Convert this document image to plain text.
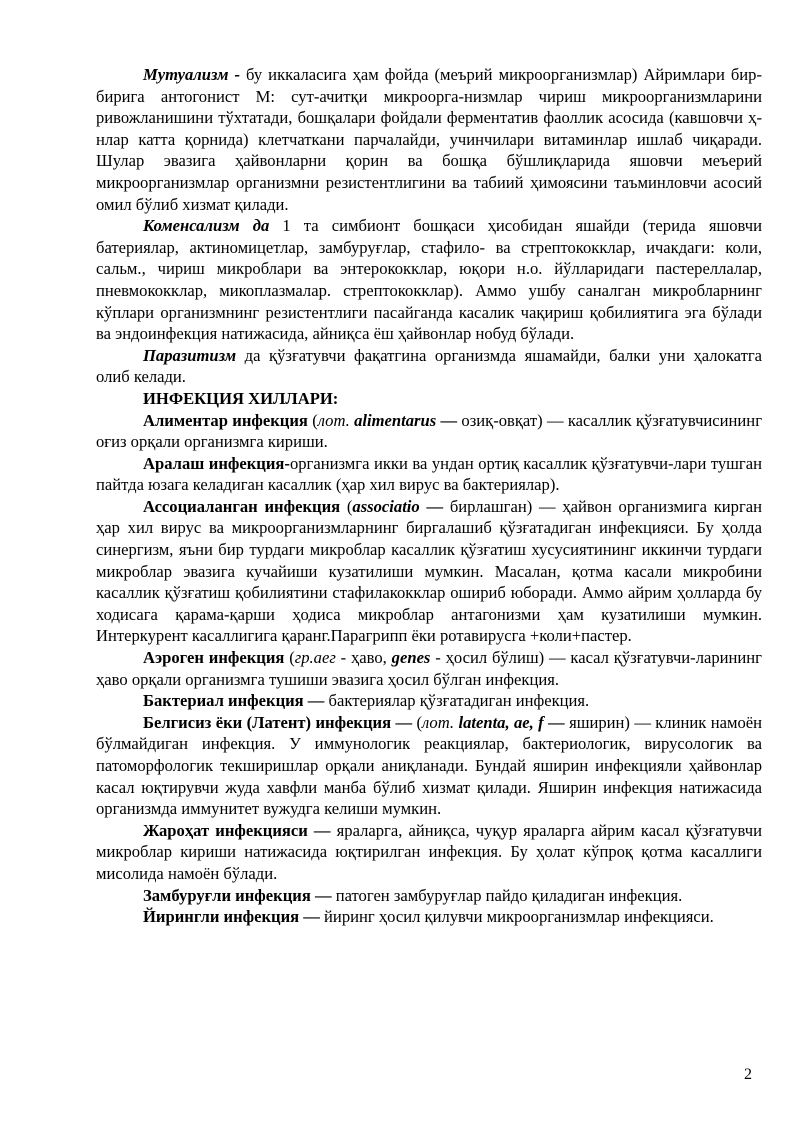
Мутуализм - бу иккаласига ҳам фойда (меърий микроорганизмлар) Айримлари бир-бирига антогонист М: сут-ачитқи микроорга-низмлар чириш микроорганизмларини ривожланишини тўхтатади, бошқалари фойдали ферментатив фаоллик асосида (кавшовчи ҳ-нлар катта қорнида) клетчаткани парчалайди, учинчилари витаминлар ишлаб чиқаради. Шулар эвазига ҳайвонларни қорин ва бошқа бўшлиқларида яшовчи меъерий микроорганизмлар организмни резистентлигини ва табиий ҳимоясини таъминловчи асосий омил бўлиб хизмат қилади.

Коменсализм да 1 та симбионт бошқаси ҳисобидан яшайди (терида яшовчи батериялар, актиномицетлар, замбуруғлар, стафило- ва стрептококклар, ичакдаги: коли, сальм., чириш микроблари ва энтерококклар, юқори н.о. йўлларидаги пастереллалар, пневмококклар, микоплазмалар. стрептококклар). Аммо ушбу саналган микробларнинг кўплари организмнинг резистентлиги пасайганда касалик чақириш қобилиятига эга бўлади ва эндоинфекция натижасида, айниқса ёш ҳайвонлар нобуд бўлади.

Паразитизм да қўзғатувчи фақатгина организмда яшамайди, балки уни ҳалокатга олиб келади.

ИНФЕКЦИЯ ХИЛЛАРИ:

Алиментар инфекция (лот. alimentarus — озиқ-овқат) — касаллик қўзғатувчисининг оғиз орқали организмга кириши.

Аралаш инфекция-организмга икки ва ундан ортиқ касаллик қўзғатувчи-лари тушган пайтда юзага келадиган касаллик (ҳар хил вирус ва бактериялар).

Ассоциаланган инфекция (associatio — бирлашган) — ҳайвон организмига кирган ҳар хил вирус ва микроорганизмларнинг биргалашиб қўзғатадиган инфекцияси. Бу ҳолда синергизм, яъни бир турдаги микроблар касаллик қўзғатиш хусусиятининг иккинчи турдаги микроблар эвазига кучайиши кузатилиши мумкин. Масалан, қотма касали микробини касаллик қўзғатиш қобилиятини стафилакокклар ошириб юборади. Аммо айрим ҳолларда бу ходисага қарама-қарши ҳодиса микроблар антагонизми ҳам кузатилиши мумкин. Интеркурент касаллигига қаранг.Парагрипп ёки ротавирусга +коли+пастер.

Аэроген инфекция (гр.аег - ҳаво, genes - ҳосил бўлиш) — касал қўзғатувчи-ларининг ҳаво орқали организмга тушиши эвазига ҳосил бўлган инфекция.

Бактериал инфекция — бактериялар қўзғатадиган инфекция.

Белгисиз ёки (Латент) инфекция — (лот. latenta, ae, f — яширин) — клиник намоён бўлмайдиган инфекция. У иммунологик реакциялар, бактериологик, вирусологик ва патоморфологик текширишлар орқали аниқланади. Бундай яширин инфекцияли ҳайвонлар касал юқтирувчи жуда хавфли манба бўлиб хизмат қилади. Яширин инфекция натижасида организмда иммунитет вужудга келиши мумкин.

Жароҳат инфекцияси — яраларга, айниқса, чуқур яраларга айрим касал қўзғатувчи микроблар кириши натижасида юқтирилган инфекция. Бу ҳолат кўпроқ қотма касаллиги мисолида намоён бўлади.

Замбуруғли инфекция — патоген замбуруғлар пайдо қиладиган инфекция.

Йирингли инфекция — йиринг ҳосил қилувчи микроорганизмлар инфекцияси.

2
